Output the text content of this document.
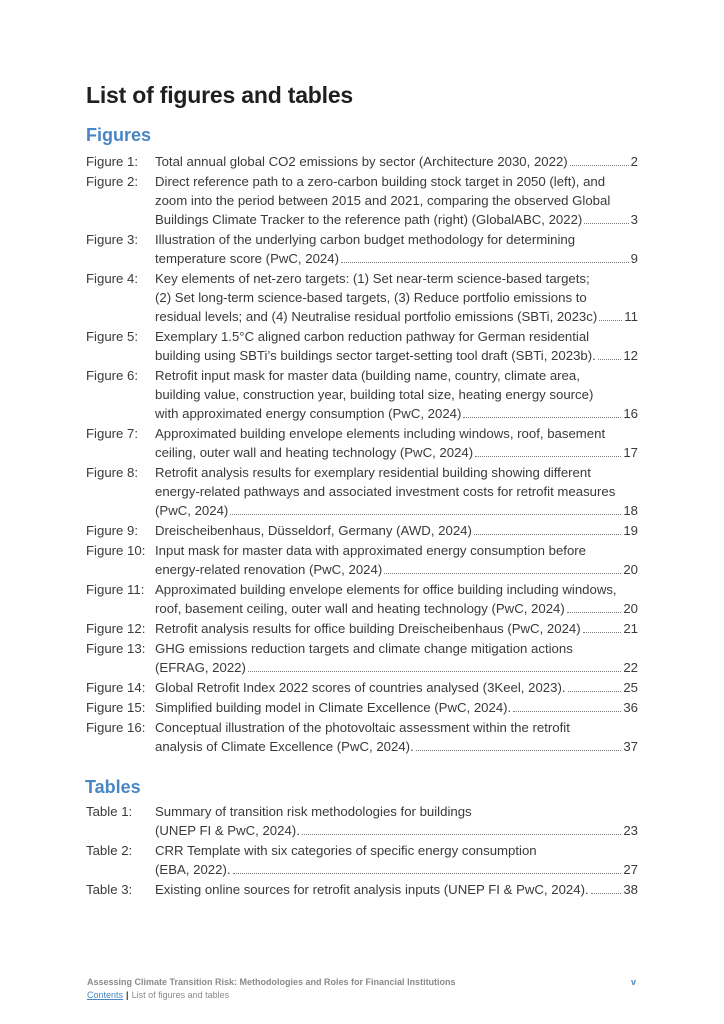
List of figures and tables
Figures
Figure 1:	Total annual global CO2 emissions by sector (Architecture 2030, 2022)	2
Figure 2:	Direct reference path to a zero-carbon building stock target in 2050 (left), and
zoom into the period between 2015 and 2021, comparing the observed Global
Buildings Climate Tracker to the reference path (right) (GlobalABC, 2022)	3
Figure 3:	Illustration of the underlying carbon budget methodology for determining
temperature score (PwC, 2024)	9
Figure 4:	Key elements of net-zero targets: (1) Set near-term science-based targets;
(2) Set long-term science-based targets, (3) Reduce portfolio emissions to
residual levels; and (4) Neutralise residual portfolio emissions (SBTi, 2023c) 11
Figure 5:	Exemplary 1.5°C aligned carbon reduction pathway for German residential
building using SBTi’s buildings sector target-setting tool draft (SBTi, 2023b). 12
Figure 6:	Retrofit input mask for master data (building name, country, climate area,
building value, construction year, building total size, heating energy source)
with approximated energy consumption (PwC, 2024)	16
Figure 7:	Approximated building envelope elements including windows, roof, basement
ceiling, outer wall and heating technology (PwC, 2024)	17
Figure 8:	Retrofit analysis results for exemplary residential building showing different
energy-related pathways and associated investment costs for retrofit measures
(PwC, 2024)	18
Figure 9:	Dreischeibenhaus, Düsseldorf, Germany (AWD, 2024)	19
Figure 10: Input mask for master data with approximated energy consumption before
energy-related renovation (PwC, 2024)	20
Figure 11: Approximated building envelope elements for office building including windows,
roof, basement ceiling, outer wall and heating technology (PwC, 2024)	20
Figure 12: Retrofit analysis results for office building Dreischeibenhaus (PwC, 2024)	21
Figure 13: GHG emissions reduction targets and climate change mitigation actions
(EFRAG, 2022)	22
Figure 14: Global Retrofit Index 2022 scores of countries analysed (3Keel, 2023).	25
Figure 15: Simplified building model in Climate Excellence (PwC, 2024).	36
Figure 16: Conceptual illustration of the photovoltaic assessment within the retrofit
analysis of Climate Excellence (PwC, 2024).	37
Tables
Table 1:	Summary of transition risk methodologies for buildings
(UNEP FI & PwC, 2024).	23
Table 2:	CRR Template with six categories of specific energy consumption
(EBA, 2022).	27
Table 3:	Existing online sources for retrofit analysis inputs (UNEP FI & PwC, 2024).	38
Assessing Climate Transition Risk: Methodologies and Roles for Financial Institutions	v
Contents | List of figures and tables
